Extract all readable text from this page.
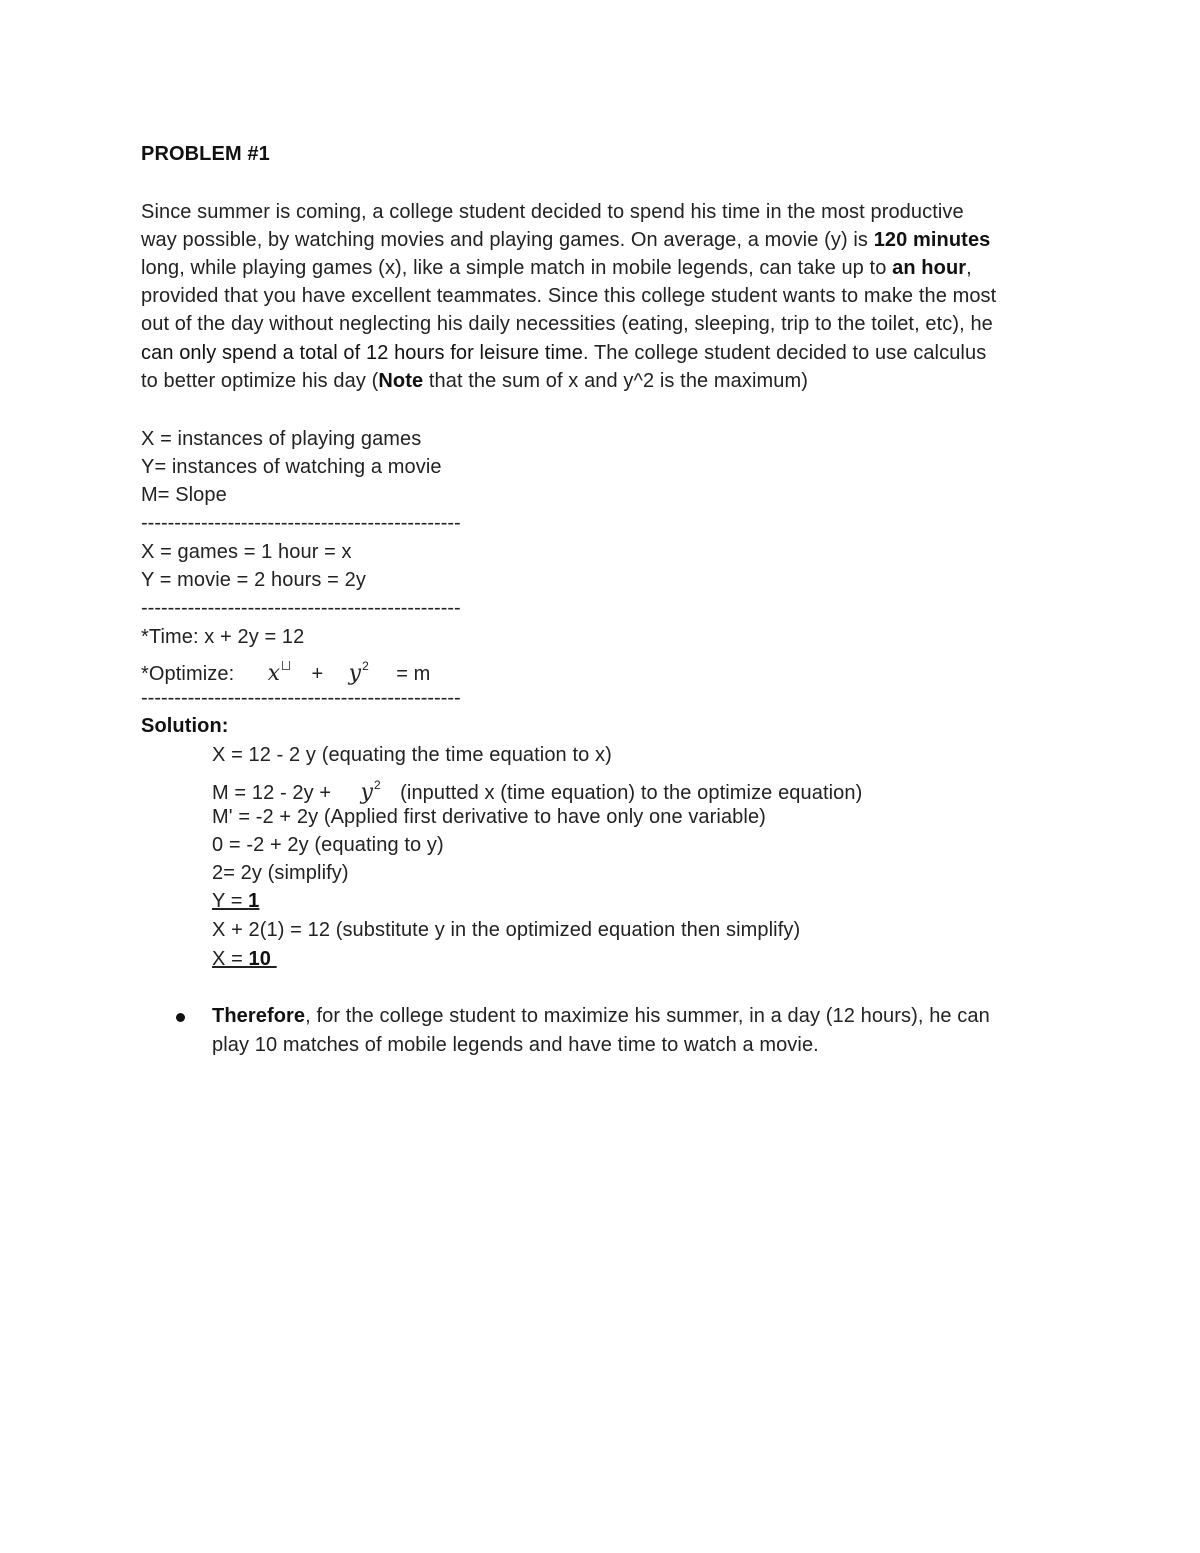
PROBLEM #1
Since summer is coming, a college student decided to spend his time in the most productive
way possible, by watching movies and playing games. On average, a movie (y) is 120 minutes
long, while playing games (x), like a simple match in mobile legends, can take up to an hour,
provided that you have excellent teammates. Since this college student wants to make the most
out of the day without neglecting his daily necessities (eating, sleeping, trip to the toilet, etc), he
can only spend a total of 12 hours for leisure time. The college student decided to use calculus
to better optimize his day (Note that the sum of x and y^2 is the maximum)
X = instances of playing games
Y= instances of watching a movie
M= Slope
------------------------------------------------
X = games = 1 hour = x
Y = movie = 2 hours = 2y
------------------------------------------------
*Time: x + 2y = 12
*Optimize: $x + y^2 = m$
------------------------------------------------
Solution:
X = 12 - 2 y (equating the time equation to x)
$M = 12 - 2y + y^2$ (inputted x (time equation) to the optimize equation)
M' = -2 + 2y (Applied first derivative to have only one variable)
0 = -2 + 2y (equating to y)
2= 2y (simplify)
Y = 1
X + 2(1) = 12 (substitute y in the optimized equation then simplify)
X = 10
Therefore, for the college student to maximize his summer, in a day (12 hours), he can
play 10 matches of mobile legends and have time to watch a movie.
